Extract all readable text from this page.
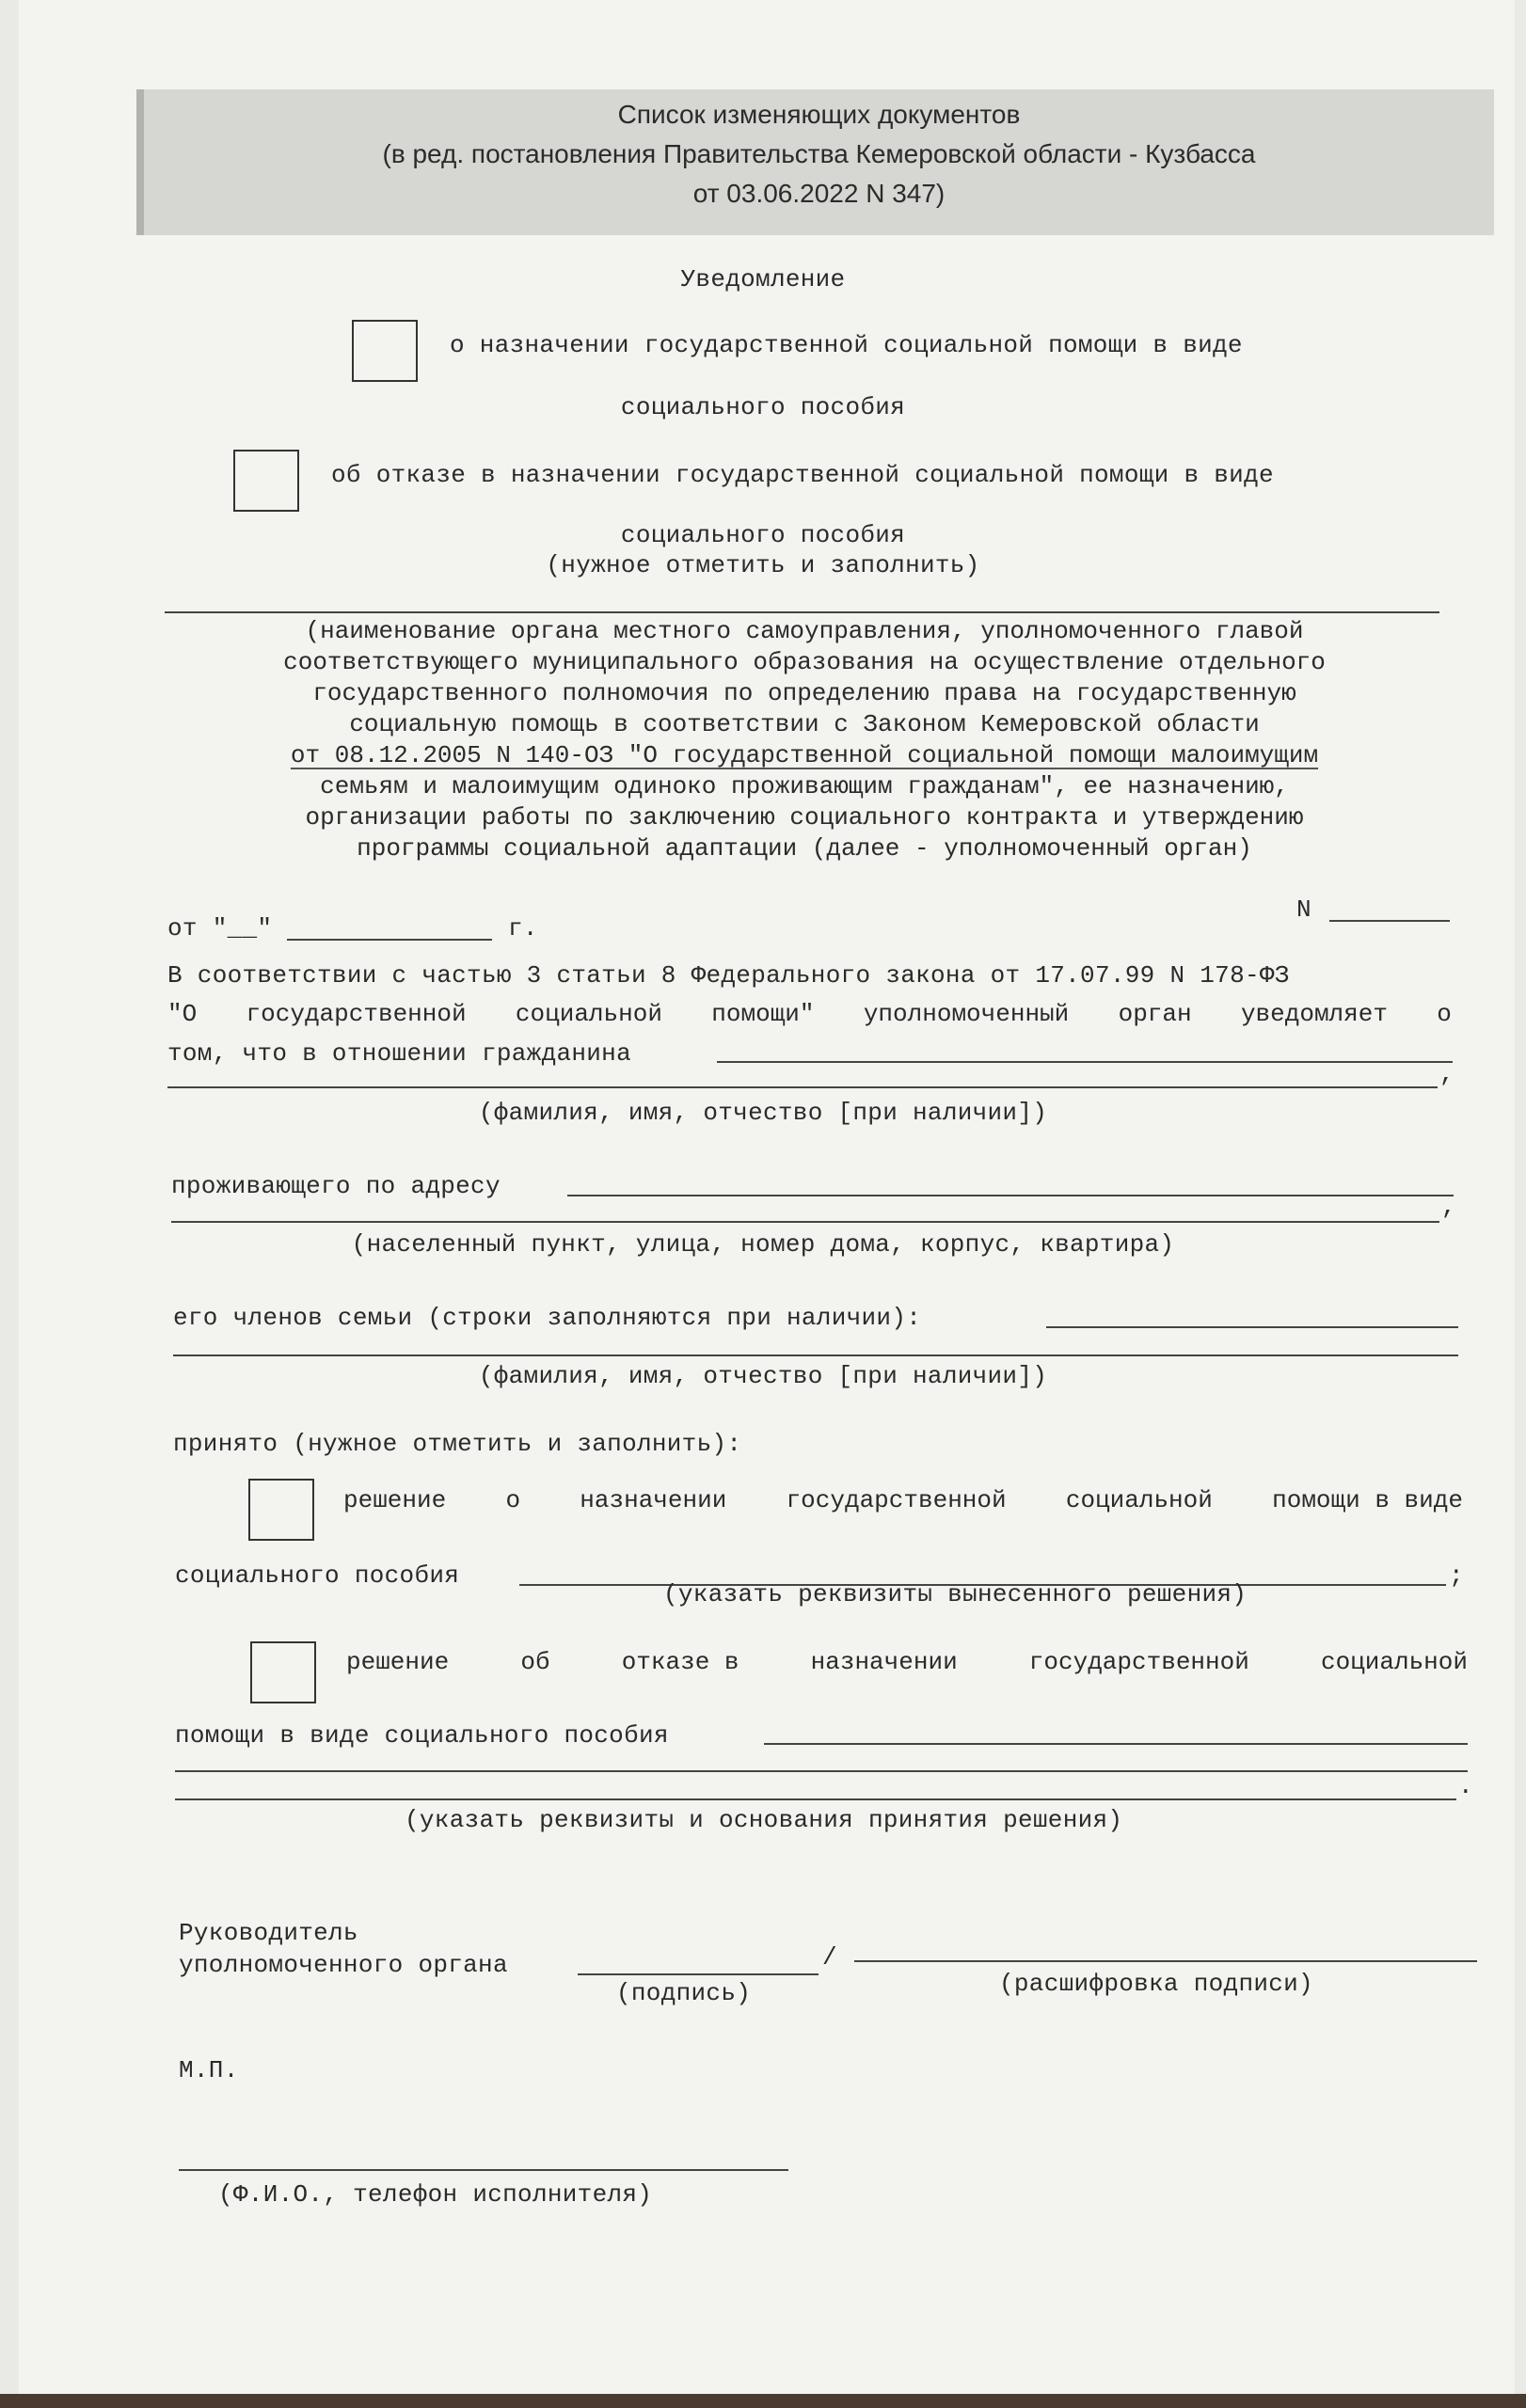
Список изменяющих документов
(в ред. постановления Правительства Кемеровской области - Кузбасса
от 03.06.2022 N 347)
Уведомление
о назначении государственной социальной помощи в виде
социального пособия
об отказе в назначении государственной социальной помощи в виде
социального пособия
(нужное отметить и заполнить)
(наименование органа местного самоуправления, уполномоченного главой
соответствующего муниципального образования на осуществление отдельного
государственного полномочия по определению права на государственную
социальную помощь в соответствии с Законом Кемеровской области
от 08.12.2005 N 140-ОЗ "О государственной социальной помощи малоимущим
семьям и малоимущим одиноко проживающим гражданам", ее назначению,
организации работы по заключению социального контракта и утверждению
программы социальной адаптации (далее - уполномоченный орган)
от "__"	г.
N
В соответствии с частью 3 статьи 8 Федерального закона от 17.07.99 N 178-ФЗ
"О государственной социальной помощи" уполномоченный орган уведомляет о
том, что в отношении гражданина
,
(фамилия, имя, отчество [при наличии])
проживающего по адресу
,
(населенный пункт, улица, номер дома, корпус, квартира)
его членов семьи (строки заполняются при наличии):
(фамилия, имя, отчество [при наличии])
принято (нужное отметить и заполнить):
решение о назначении государственной социальной помощи в виде
социального пособия	;
(указать реквизиты вынесенного решения)
решение	об	отказе в	назначении	государственной	социальной
помощи в виде социального пособия
.
(указать реквизиты и основания принятия решения)
Руководитель
уполномоченного органа	/
(подпись)	(расшифровка подписи)
М.П.
(Ф.И.О., телефон исполнителя)
